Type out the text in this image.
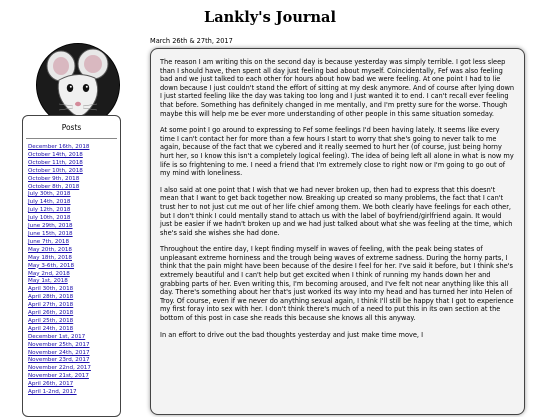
Lankly's Journal
Posts
December 16th, 2018
October 14th, 2018
October 11th, 2018
October 10th, 2018
October 9th, 2018
October 8th, 2018
July 30th, 2018
July 14th, 2018
July 12th, 2018
July 10th, 2018
June 29th, 2018
June 15th, 2018
June 7th, 2018
May 20th, 2018
May 18th, 2018
May 3-6th, 2018
May 2nd, 2018
May 1st, 2018
April 30th, 2018
April 28th, 2018
April 27th, 2018
April 26th, 2018
April 25th, 2018
April 24th, 2018
December 1st, 2017
November 25th, 2017
November 24th, 2017
November 23rd, 2017
November 22nd, 2017
November 21st, 2017
April 26th, 2017
April 1-2nd, 2017

March 26th & 27th, 2017

The reason I am writing this on the second day is because yesterday was simply terrible. I got less sleep than I should have, then spent all day just feeling bad about myself. Coincidentally, Fef was also feeling bad and we just talked to each other for hours about how bad we were feeling. At one point I had to lie down because I just couldn't stand the effort of sitting at my desk anymore. And of course after lying down I just started feeling like the day was taking too long and I just wanted it to end. I can't recall ever feeling that before. Something has definitely changed in me mentally, and I'm pretty sure for the worse. Though maybe this will help me be ever more understanding of other people in this same situation someday.

At some point I go around to expressing to Fef some feelings I'd been having lately. It seems like every time I can't contact her for more than a few hours I start to worry that she's going to never talk to me again, because of the fact that we cybered and it really seemed to hurt her (of course, just being horny hurt her, so I know this isn't a completely logical feeling). The idea of being left all alone in what is now my life is so frightening to me. I need a friend that I'm extremely close to right now or I'm going to go out of my mind with loneliness.

I also said at one point that I wish that we had never broken up, then had to express that this doesn't mean that I want to get back together now. Breaking up created so many problems, the fact that I can't trust her to not just cut me out of her life chief among them. We both clearly have feelings for each other, but I don't think I could mentally stand to attach us with the label of boyfriend/girlfriend again. It would just be easier if we hadn't broken up and we had just talked about what she was feeling at the time, which she's said she wishes she had done.

Throughout the entire day, I kept finding myself in waves of feeling, with the peak being states of unpleasant extreme horniness and the trough being waves of extreme sadness. During the horny parts, I think that the pain might have been because of the desire I feel for her. I've said it before, but I think she's extremely beautiful and I can't help but get excited when I think of running my hands down her and grabbing parts of her. Even writing this, I'm becoming aroused, and I've felt not near anything like this all day. There's something about her that's just worked its way into my head and has turned her into Helen of Troy. Of course, even if we never do anything sexual again, I think I'll still be happy that I got to experience my first foray into sex with her. I don't think there's much of a need to put this in its own section at the bottom of this post in case she reads this because she knows all this anyway.

In an effort to drive out the bad thoughts yesterday and just make time move, I
